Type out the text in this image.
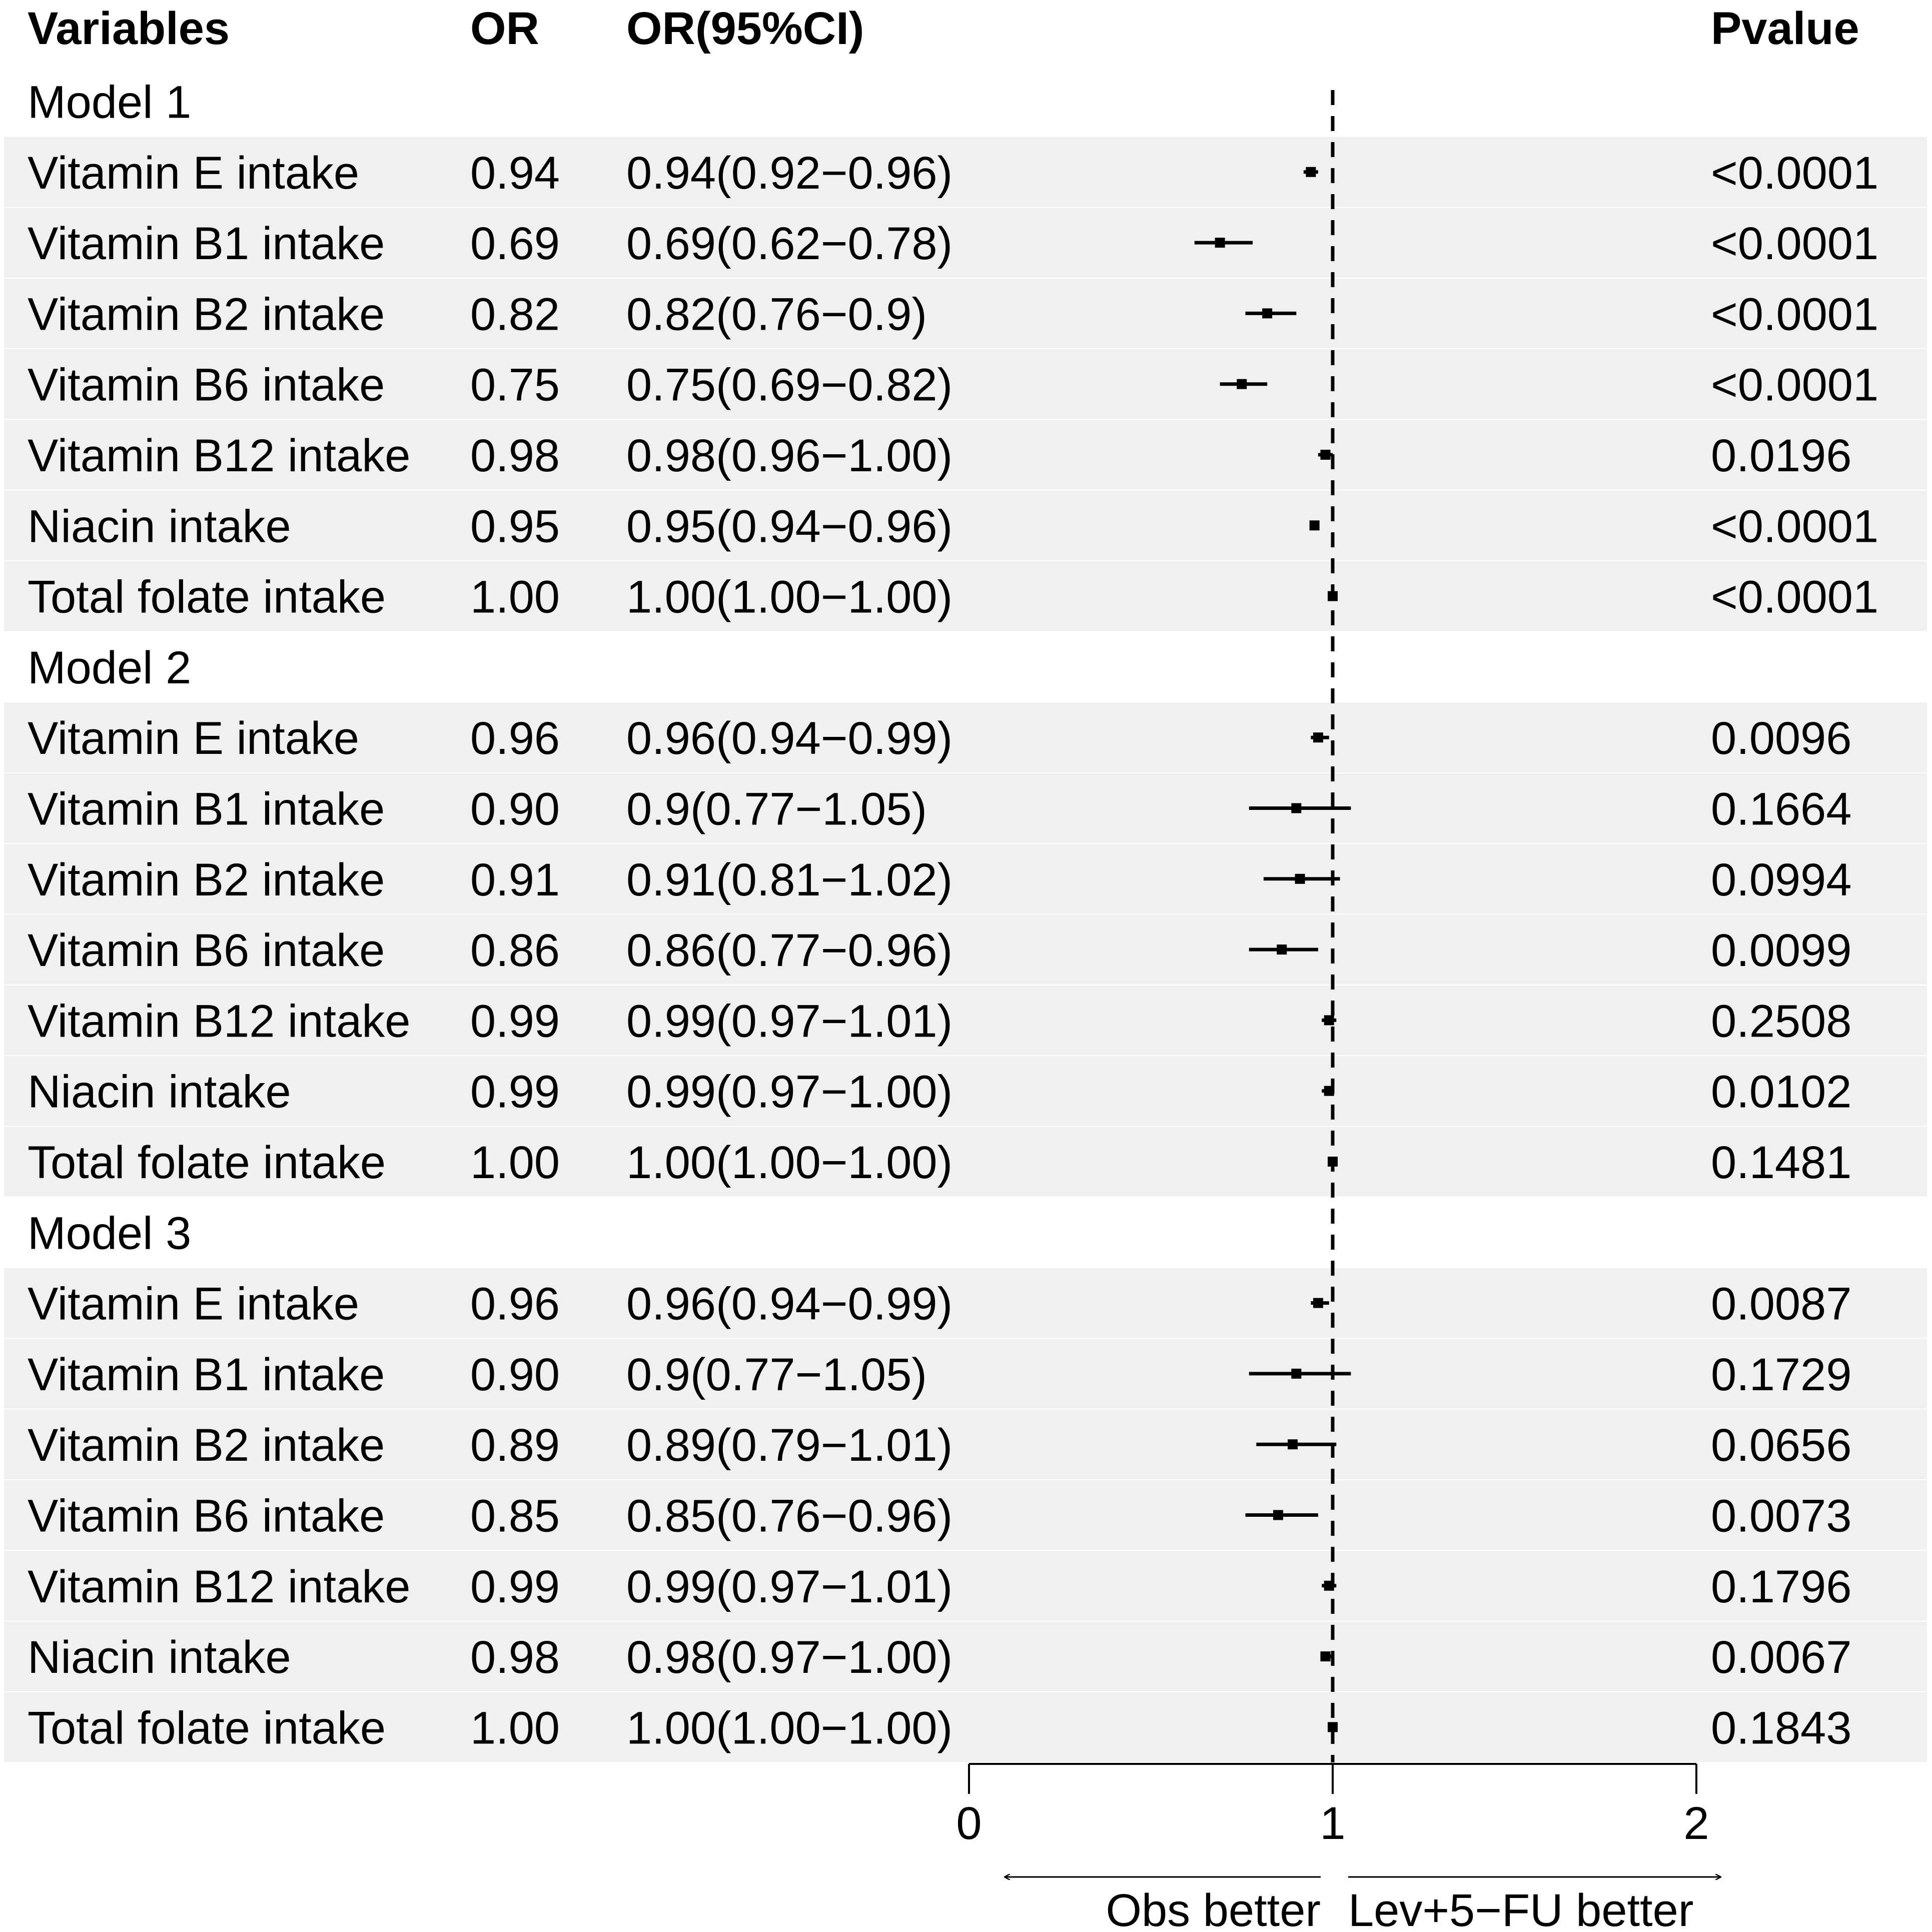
Variables	OR OR(95%CI)	Pvalue
Model 1
Vitamin E intake 0.94 0.94(0.92−0.96)	<0.0001
Vitamin B1 intake 0.69 0.69(0.62−0.78)	<0.0001
Vitamin B2 intake 0.82 0.82(0.76−0.9)	<0.0001
Vitamin B6 intake 0.75 0.75(0.69−0.82)	<0.0001
Vitamin B12 intake 0.98 0.98(0.96−1.00)	0.0196
Niacin intake	0.95 0.95(0.94−0.96)	<0.0001
Total folate intake 1.00 1.00(1.00−1.00)	<0.0001
Model 2
Vitamin E intake 0.96 0.96(0.94−0.99)	0.0096
Vitamin B1 intake 0.90 0.9(0.77−1.05)	0.1664
Vitamin B2 intake 0.91 0.91(0.81−1.02)	0.0994
Vitamin B6 intake 0.86 0.86(0.77−0.96)	0.0099
Vitamin B12 intake 0.99 0.99(0.97−1.01)	0.2508
Niacin intake	0.99 0.99(0.97−1.00)	0.0102
Total folate intake 1.00 1.00(1.00−1.00)	0.1481
Model 3
Vitamin E intake 0.96 0.96(0.94−0.99)	0.0087
Vitamin B1 intake 0.90 0.9(0.77−1.05)	0.1729
Vitamin B2 intake 0.89 0.89(0.79−1.01)	0.0656
Vitamin B6 intake 0.85 0.85(0.76−0.96)	0.0073
Vitamin B12 intake 0.99 0.99(0.97−1.01)	0.1796
Niacin intake	0.98 0.98(0.97−1.00)	0.0067
Total folate intake 1.00 1.00(1.00−1.00)	0.1843
0	1	2
Obs better Lev+5−FU better
